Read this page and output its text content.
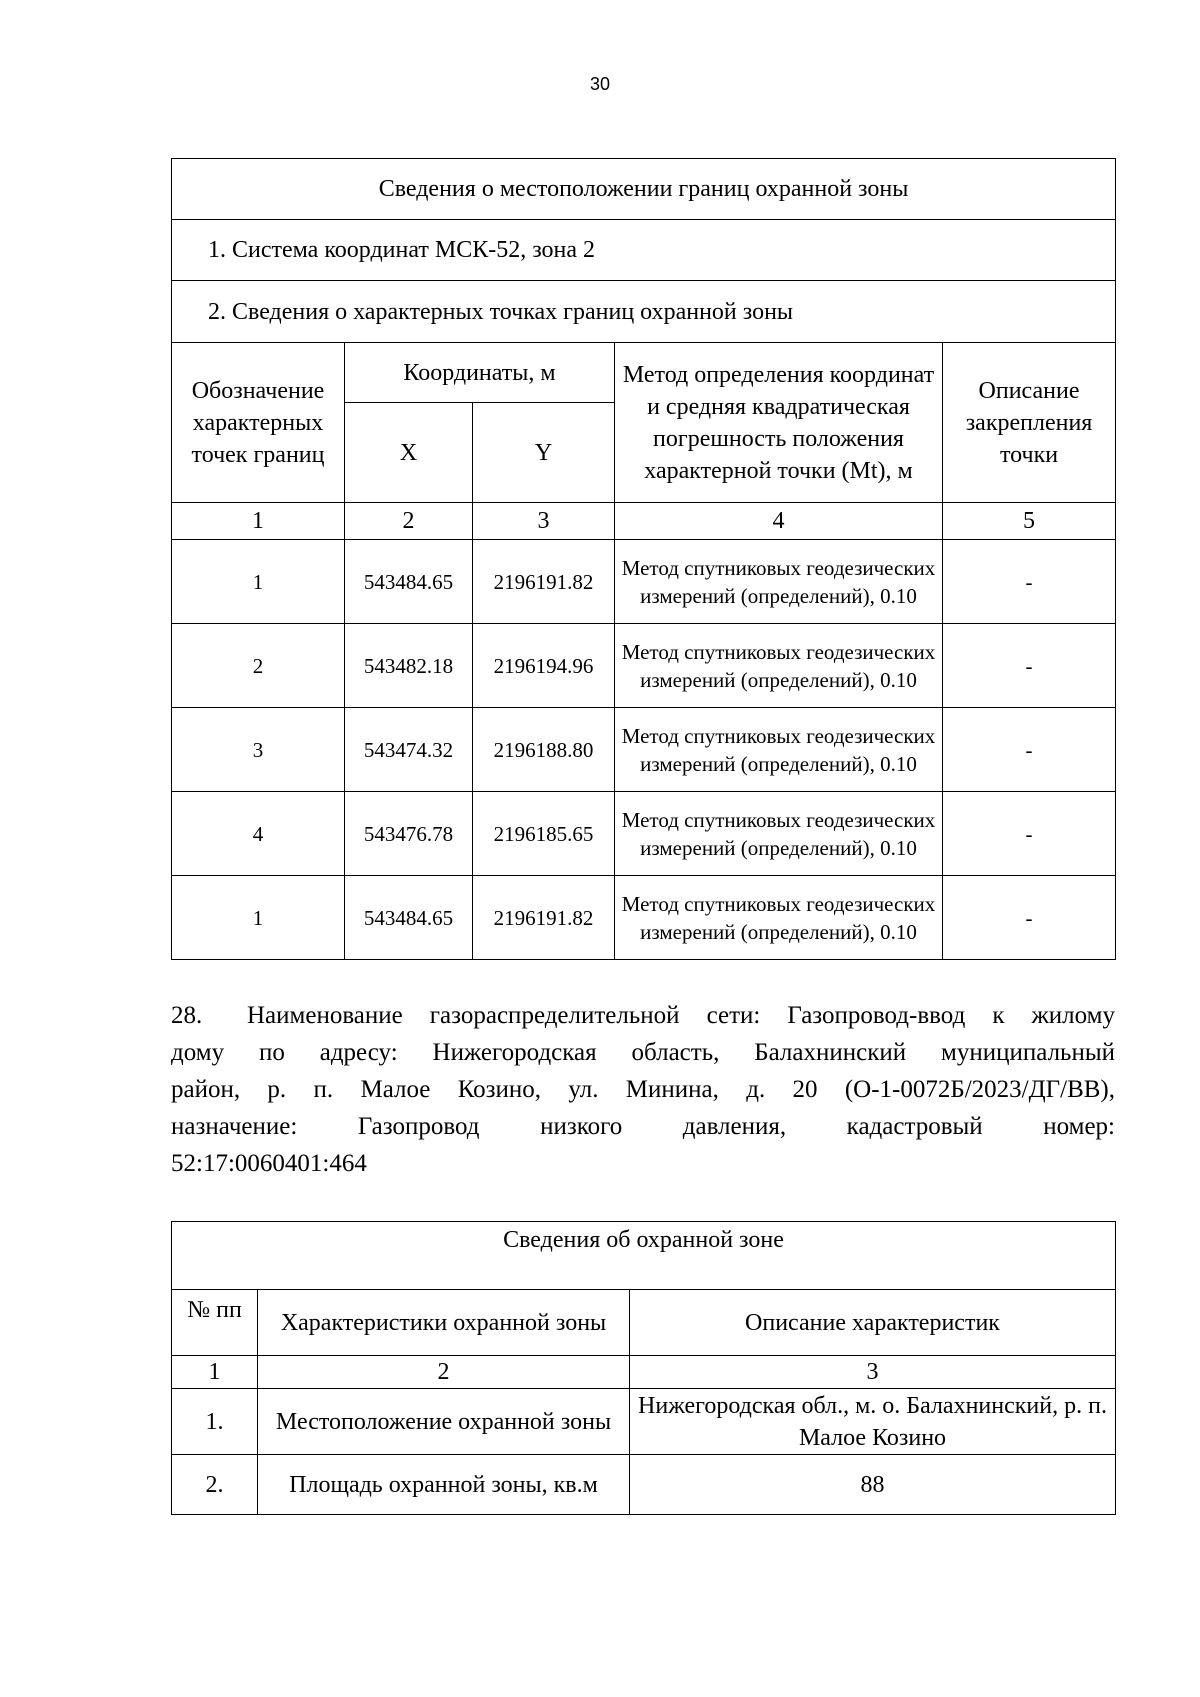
30
Сведения о местоположении границ охранной зоны				
1. Система координат МСК-52, зона 2				
2. Сведения о характерных точках границ охранной зоны				
Обозначение характерных точек границ	Координаты, м		Метод определения координат и средняя квадратическая погрешность положения характерной точки (Mt), м	Описание закрепления точки
	X	Y		
1	2	3	4	5
1	543484.65	2196191.82	Метод спутниковых геодезических измерений (определений), 0.10	-
2	543482.18	2196194.96	Метод спутниковых геодезических измерений (определений), 0.10	-
3	543474.32	2196188.80	Метод спутниковых геодезических измерений (определений), 0.10	-
4	543476.78	2196185.65	Метод спутниковых геодезических измерений (определений), 0.10	-
1	543484.65	2196191.82	Метод спутниковых геодезических измерений (определений), 0.10	-
28. Наименование газораспределительной сети: Газопровод-ввод к жилому
дому по адресу: Нижегородская область, Балахнинский муниципальный
район, р. п. Малое Козино, ул. Минина, д. 20 (О-1-0072Б/2023/ДГ/ВВ),
назначение: Газопровод низкого давления, кадастровый номер:
52:17:0060401:464
Сведения об охранной зоне		
№ пп	Характеристики охранной зоны	Описание характеристик
1	2	3
1.	Местоположение охранной зоны	Нижегородская обл., м. о. Балахнинский, р. п. Малое Козино
2.	Площадь охранной зоны, кв.м	88
